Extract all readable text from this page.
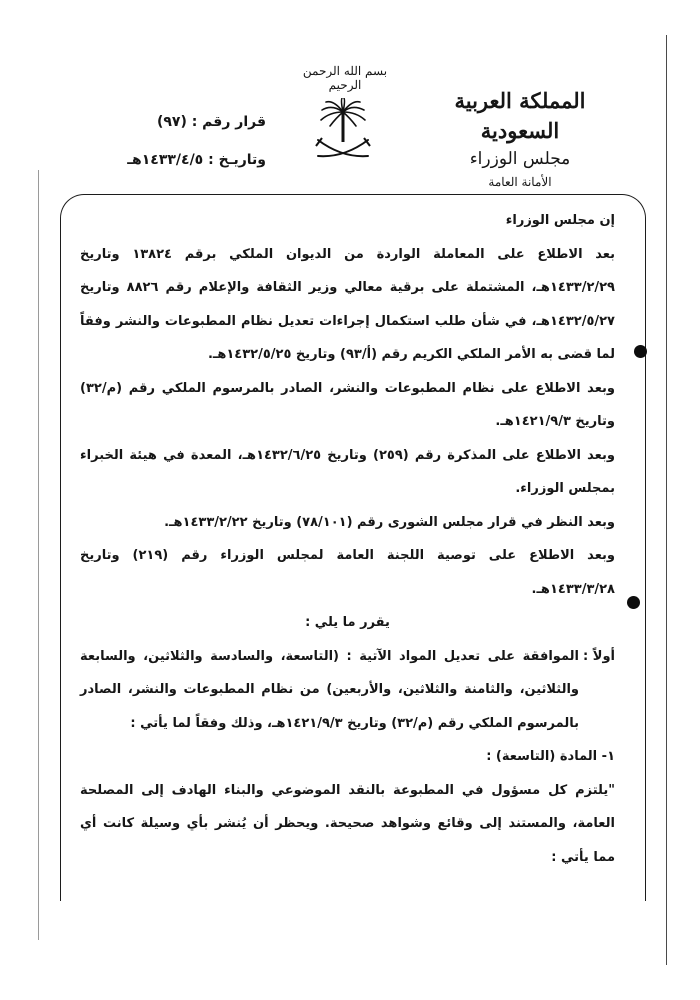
بسم الله الرحمن الرحيم
المملكة العربية السعودية
مجلس الوزراء
الأمانة العامة
قرار رقم : (٩٧)
وتاريـخ : ١٤٣٣/٤/٥هـ
إن مجلس الوزراء
بعد الاطلاع على المعاملة الواردة من الديوان الملكي برقم ١٣٨٢٤ وتاريخ ١٤٣٣/٢/٢٩هـ، المشتملة على برقية معالي وزير الثقافة والإعلام رقم ٨٨٢٦ وتاريخ ١٤٣٢/٥/٢٧هـ، في شأن طلب استكمال إجراءات تعديل نظام المطبوعات والنشر وفقاً لما قضى به الأمر الملكي الكريم رقم (أ/٩٣) وتاريخ ١٤٣٢/٥/٢٥هـ.
وبعد الاطلاع على نظام المطبوعات والنشر، الصادر بالمرسوم الملكي رقم (م/٣٢) وتاريخ ١٤٢١/٩/٣هـ.
وبعد الاطلاع على المذكرة رقم (٢٥٩) وتاريخ ١٤٣٢/٦/٢٥هـ، المعدة في هيئة الخبراء بمجلس الوزراء.
وبعد النظر في قرار مجلس الشورى رقم (٧٨/١٠١) وتاريخ ١٤٣٣/٢/٢٢هـ.
وبعد الاطلاع على توصية اللجنة العامة لمجلس الوزراء رقم (٢١٩) وتاريخ ١٤٣٣/٣/٢٨هـ.
يقرر ما يلي :
أولاً :
الموافقة على تعديل المواد الآتية : (التاسعة، والسادسة والثلاثين، والسابعة والثلاثين، والثامنة والثلاثين، والأربعين) من نظام المطبوعات والنشر، الصادر بالمرسوم الملكي رقم (م/٣٢) وتاريخ ١٤٢١/٩/٣هـ، وذلك وفقاً لما يأتي :
١- المادة (التاسعة) :
"يلتزم كل مسؤول في المطبوعة بالنقد الموضوعي والبناء الهادف إلى المصلحة العامة، والمستند إلى وقائع وشواهد صحيحة. ويحظر أن يُنشر بأي وسيلة كانت أي مما يأتي :
